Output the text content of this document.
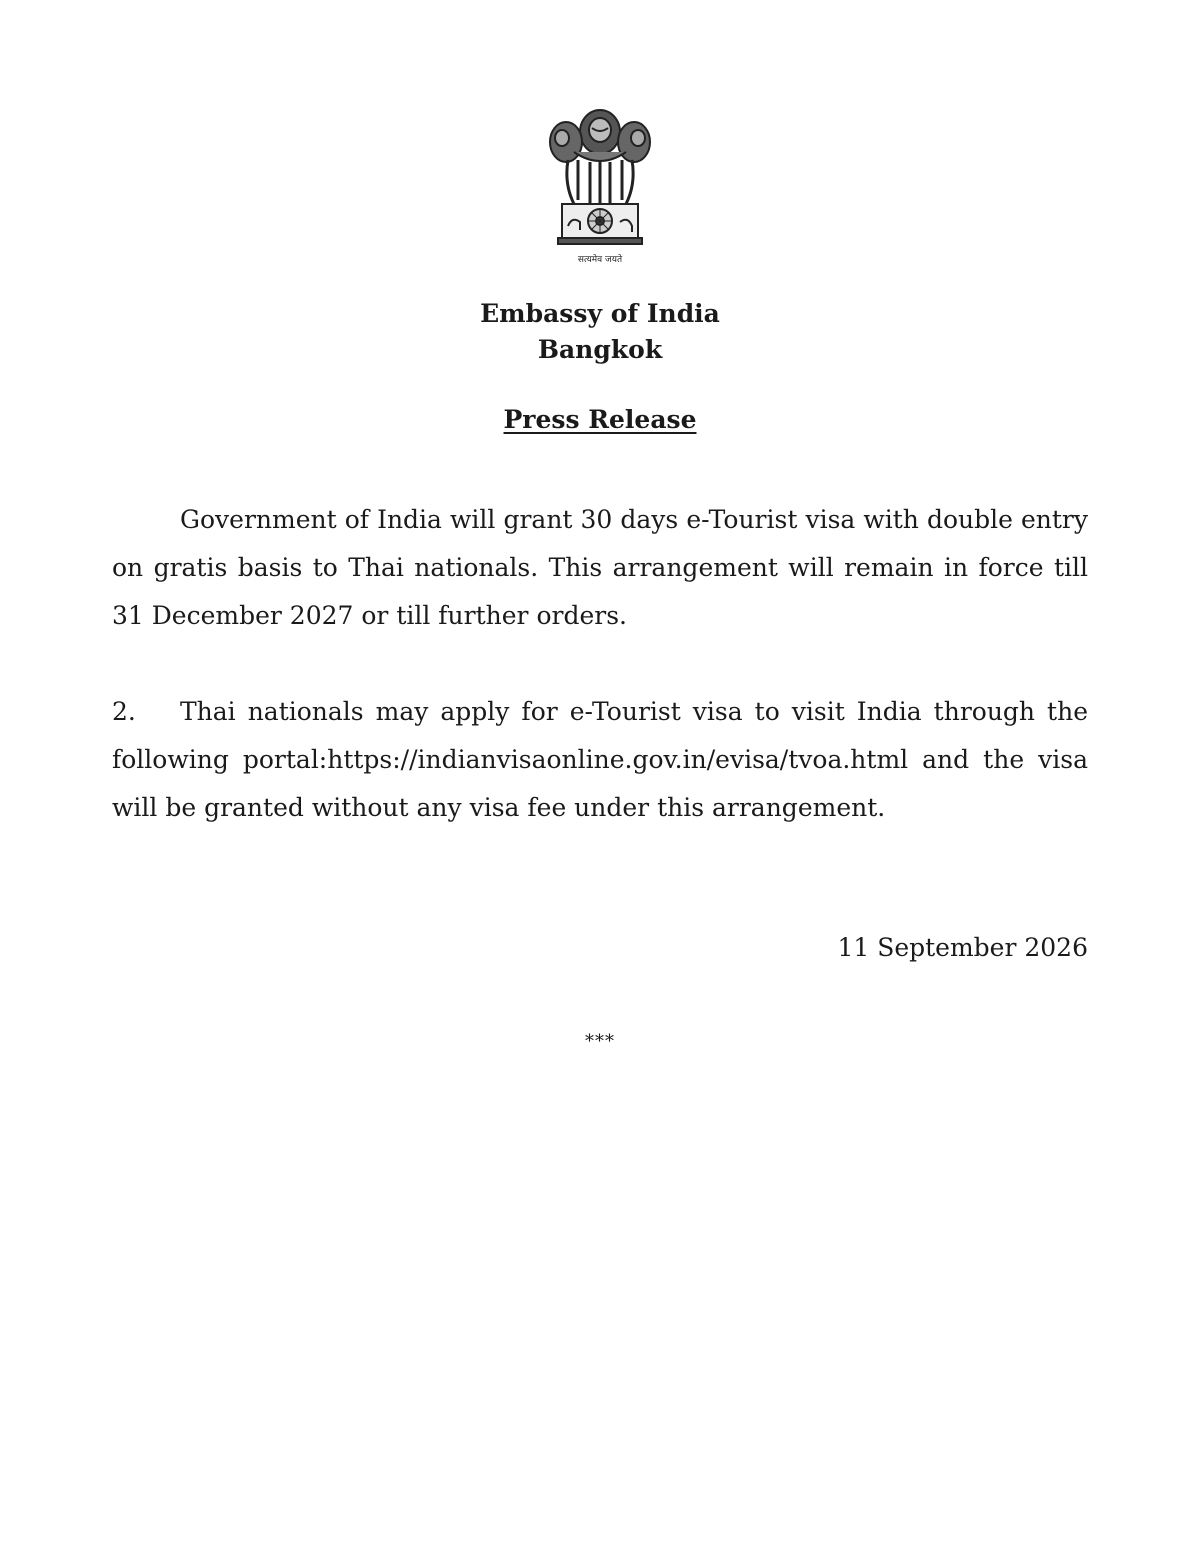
सत्यमेव जयते
Embassy of India
Bangkok
Press Release

Government of India will grant 30 days e-Tourist visa with double entry on gratis basis to Thai nationals. This arrangement will remain in force till 31 December 2027 or till further orders.

2. Thai nationals may apply for e-Tourist visa to visit India through the following portal:https://indianvisaonline.gov.in/evisa/tvoa.html and the visa will be granted without any visa fee under this arrangement.

11 September 2026
***
